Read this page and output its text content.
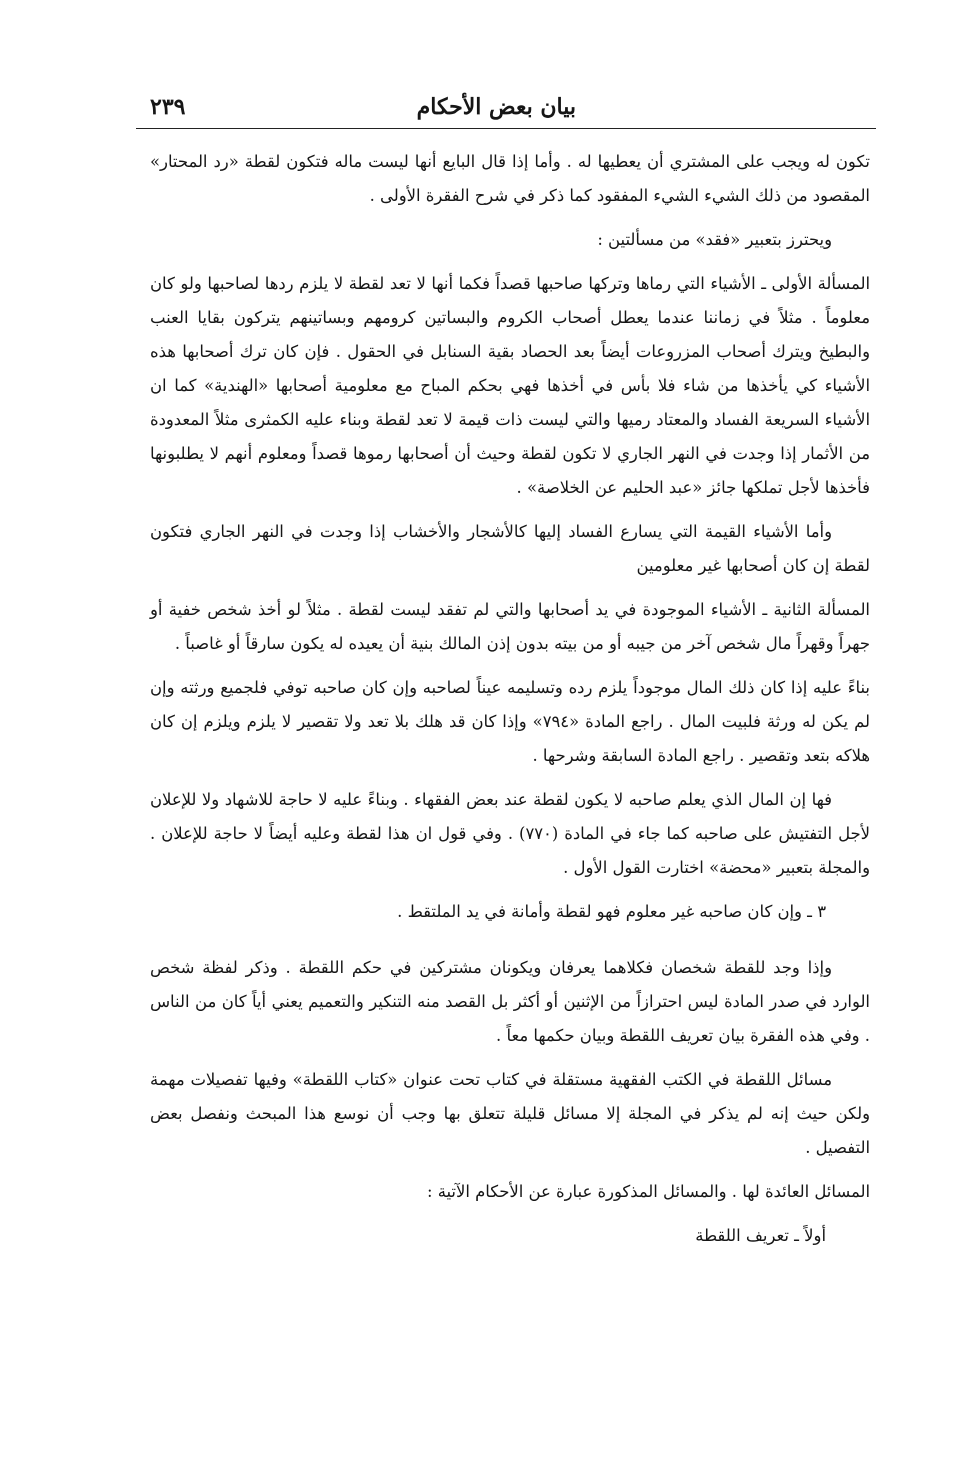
بيان بعض الأحكام
٢٣٩

تكون له ويجب على المشتري أن يعطيها له . وأما إذا قال البايع أنها ليست ماله فتكون لقطة «رد المحتار» المقصود من ذلك الشيء الشيء المفقود كما ذكر في شرح الفقرة الأولى .

ويحترز بتعبير «فقد» من مسألتين :

المسألة الأولى ـ الأشياء التي رماها وتركها صاحبها قصداً فكما أنها لا تعد لقطة لا يلزم ردها لصاحبها ولو كان معلوماً . مثلاً في زماننا عندما يعطل أصحاب الكروم والبساتين كرومهم وبساتينهم يتركون بقايا العنب والبطيخ ويترك أصحاب المزروعات أيضاً بعد الحصاد بقية السنابل في الحقول . فإن كان ترك أصحابها هذه الأشياء كي يأخذها من شاء فلا بأس في أخذها فهي بحكم المباح مع معلومية أصحابها «الهندية» كما ان الأشياء السريعة الفساد والمعتاد رميها والتي ليست ذات قيمة لا تعد لقطة وبناء عليه الكمثرى مثلاً المعدودة من الأثمار إذا وجدت في النهر الجاري لا تكون لقطة وحيث أن أصحابها رموها قصداً ومعلوم أنهم لا يطلبونها فأخذها لأجل تملكها جائز «عبد الحليم عن الخلاصة» .

وأما الأشياء القيمة التي يسارع الفساد إليها كالأشجار والأخشاب إذا وجدت في النهر الجاري فتكون لقطة إن كان أصحابها غير معلومين

المسألة الثانية ـ الأشياء الموجودة في يد أصحابها والتي لم تفقد ليست لقطة . مثلاً لو أخذ شخص خفية أو جهراً وقهراً مال شخص آخر من جيبه أو من بيته بدون إذن المالك بنية أن يعيده له يكون سارقاً أو غاصباً .

بناءً عليه إذا كان ذلك المال موجوداً يلزم رده وتسليمه عيناً لصاحبه وإن كان صاحبه توفي فلجميع ورثته وإن لم يكن له ورثة فلبيت المال . راجع المادة «٧٩٤» وإذا كان قد هلك بلا تعد ولا تقصير لا يلزم ويلزم إن كان هلاكه بتعد وتقصير . راجع المادة السابقة وشرحها .

فها إن المال الذي يعلم صاحبه لا يكون لقطة عند بعض الفقهاء . وبناءً عليه لا حاجة للاشهاد ولا للإعلان لأجل التفتيش على صاحبه كما جاء في المادة (٧٧٠) . وفي قول ان هذا لقطة وعليه أيضاً لا حاجة للإعلان . والمجلة بتعبير «محضة» اختارت القول الأول .

٣ ـ وإن كان صاحبه غير معلوم فهو لقطة وأمانة في يد الملتقط .

وإذا وجد للقطة شخصان فكلاهما يعرفان ويكونان مشتركين في حكم اللقطة . وذكر لفظة شخص الوارد في صدر المادة ليس احترازاً من الإثنين أو أكثر بل القصد منه التنكير والتعميم يعني أياً كان من الناس . وفي هذه الفقرة بيان تعريف اللقطة وبيان حكمها معاً .

مسائل اللقطة في الكتب الفقهية مستقلة في كتاب تحت عنوان «كتاب اللقطة» وفيها تفصيلات مهمة ولكن حيث إنه لم يذكر في المجلة إلا مسائل قليلة تتعلق بها وجب أن نوسع هذا المبحث ونفصل بعض التفصيل .

المسائل العائدة لها . والمسائل المذكورة عبارة عن الأحكام الآتية :

أولاً ـ تعريف اللقطة
